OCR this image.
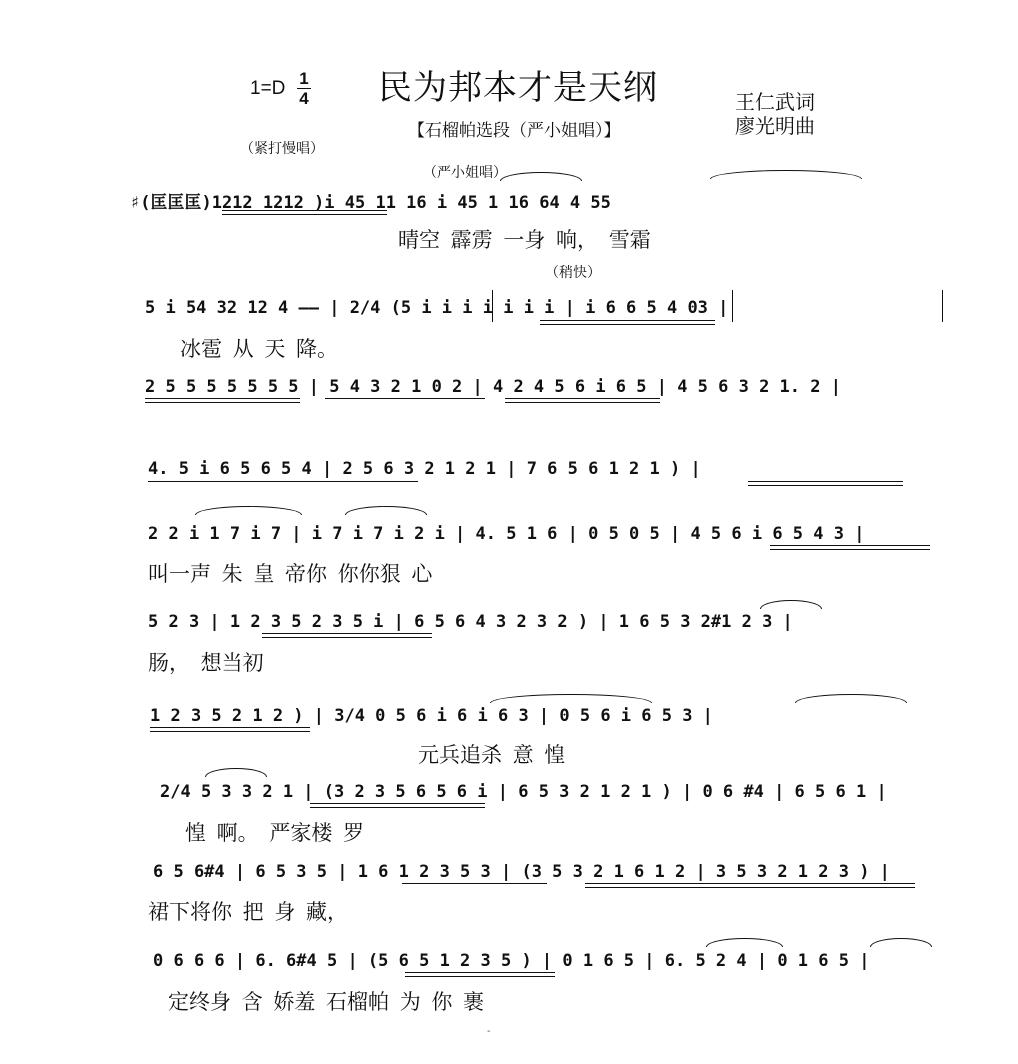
1=D 1
4 民为邦本才是天纲
【石榴帕选段（严小姐唱）】
王仁武词
廖光明曲
（紧打慢唱）
（严小姐唱）
（稍快）
♯(匡匡匡)1212 1212 )i 45 11 16 i 45 1 16 64 4 55
晴空 霹雳 一身 响， 雪霜
5 i 54 32 12 4 —— | 2/4 (5 i i i i i i i | i 6 6 5 4 03 |
冰雹 从 天 降。
2 5 5 5 5 5 5 5 | 5 4 3 2 1 0 2 | 4 2 4 5 6 i 6 5 | 4 5 6 3 2 1. 2 |
4. 5 i 6 5 6 5 4 | 2 5 6 3 2 1 2 1 | 7 6 5 6 1 2 1 ) |
2 2 i 1 7 i 7 | i 7 i 7 i 2 i | 4. 5 1 6 | 0 5 0 5 | 4 5 6 i 6 5 4 3 |
叫一声 朱 皇 帝你 你你狠 心
5 2 3 | 1 2 3 5 2 3 5 i | 6 5 6 4 3 2 3 2 ) | 1 6 5 3 2#1 2 3 |
肠， 想当初
1 2 3 5 2 1 2 ) | 3/4 0 5 6 i 6 i 6 3 | 0 5 6 i 6 5 3 |
元兵追杀 意 惶
2/4 5 3 3 2 1 | (3 2 3 5 6 5 6 i | 6 5 3 2 1 2 1 ) | 0 6 #4 | 6 5 6 1 |
惶 啊。 严家楼 罗
6 5 6#4 | 6 5 3 5 | 1 6 1 2 3 5 3 | (3 5 3 2 1 6 1 2 | 3 5 3 2 1 2 3 ) |
裙下将你 把 身 藏，
0 6 6 6 | 6. 6#4 5 | (5 6 5 1 2 3 5 ) | 0 1 6 5 | 6. 5 2 4 | 0 1 6 5 |
定终身 含 娇羞 石榴帕 为 你 裹
-
